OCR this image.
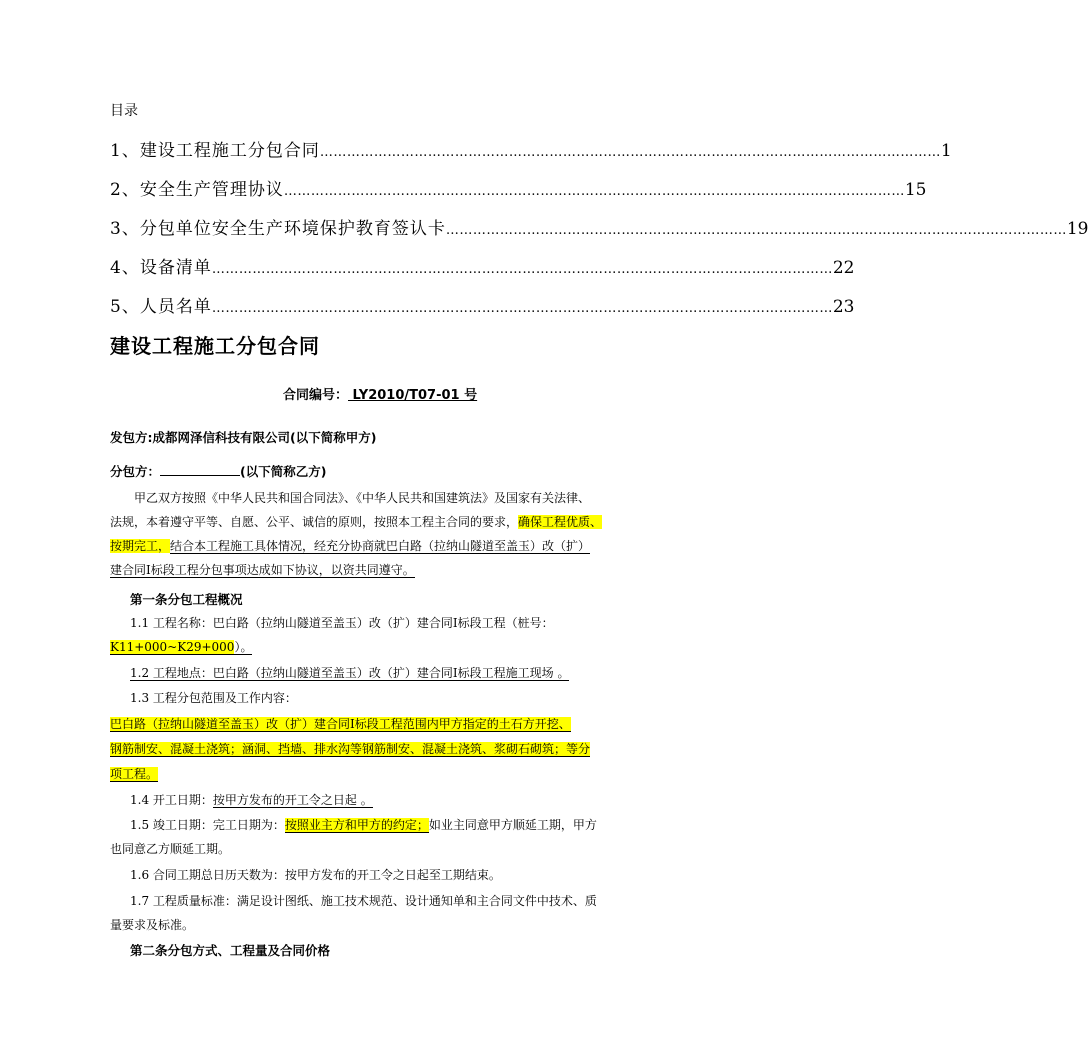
目录
1、建设工程施工分包合同 ………………………………………………………………………………………………………………………… 1
2、安全生产管理协议 ………………………………………………………………………………………………………………………… 15
3、分包单位安全生产环境保护教育签认卡 ………………………………………………………………………………………………………………………… 19
4、设备清单 ………………………………………………………………………………………………………………………… 22
5、人员名单 ………………………………………………………………………………………………………………………… 23
建设工程施工分包合同
合同编号： LY2010/T07-01 号
发包方:成都网泽信科技有限公司(以下简称甲方)
分包方：	(以下简称乙方)
甲乙双方按照《中华人民共和国合同法》、《中华人民共和国建筑法》及国家有关法律、
法规，本着遵守平等、自愿、公平、诚信的原则，按照本工程主合同的要求，确保工程优质、
按期完工，结合本工程施工具体情况，经充分协商就巴白路（拉纳山隧道至盖玉）改（扩）
建合同Ⅰ标段工程分包事项达成如下协议，以资共同遵守。
第一条分包工程概况
1.1 工程名称：巴白路（拉纳山隧道至盖玉）改（扩）建合同Ⅰ标段工程（桩号：
K11+000~K29+000）。
1.2 工程地点：巴白路（拉纳山隧道至盖玉）改（扩）建合同Ⅰ标段工程施工现场 。
1.3 工程分包范围及工作内容：
巴白路（拉纳山隧道至盖玉）改（扩）建合同Ⅰ标段工程范围内甲方指定的土石方开挖、
钢筋制安、混凝土浇筑；涵洞、挡墙、排水沟等钢筋制安、混凝土浇筑、浆砌石砌筑；等分
项工程。
1.4 开工日期：按甲方发布的开工令之日起 。
1.5 竣工日期：完工日期为：按照业主方和甲方的约定；如业主同意甲方顺延工期，甲方
也同意乙方顺延工期。
1.6 合同工期总日历天数为：按甲方发布的开工令之日起至工期结束。
1.7 工程质量标准：满足设计图纸、施工技术规范、设计通知单和主合同文件中技术、质
量要求及标准。
第二条分包方式、工程量及合同价格
